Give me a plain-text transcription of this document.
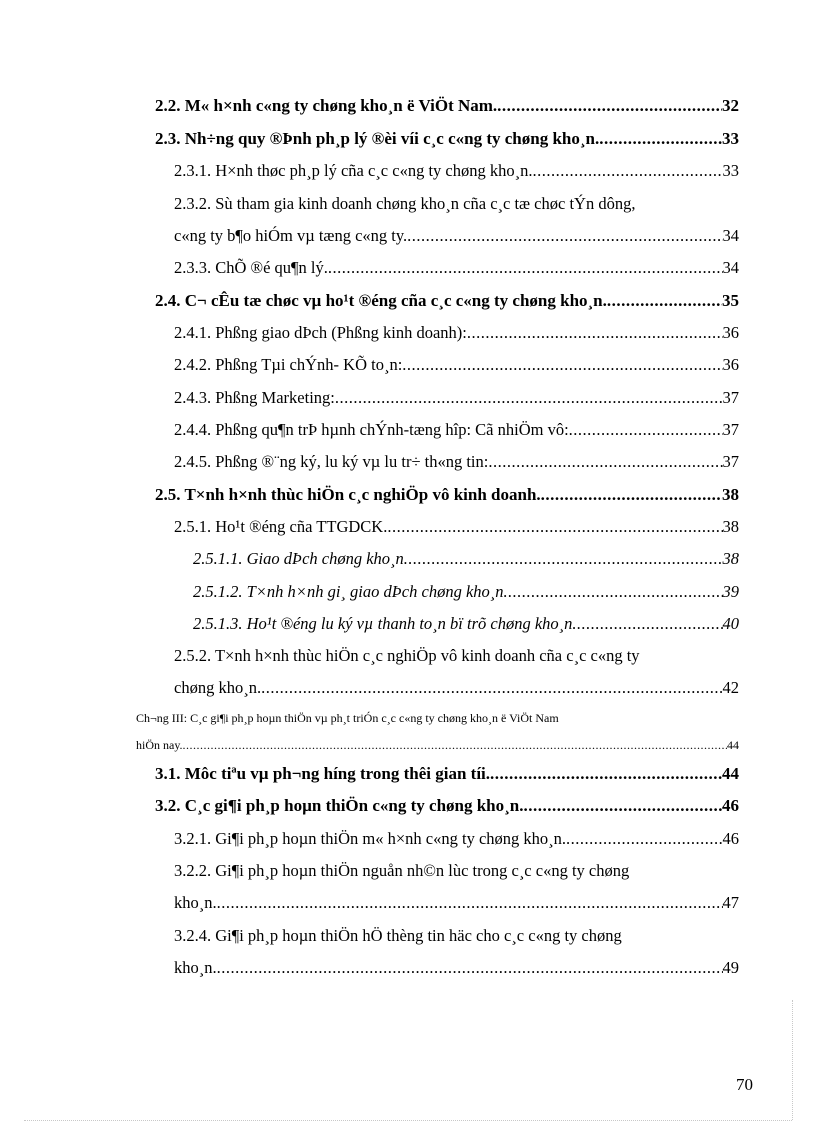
2.2. M« h×nh c«ng ty chøng kho¸n ë ViÖt Nam. .....	32
2.3. Nh÷ng quy ®Þnh ph¸p lý ®èi víi c¸c c«ng ty chøng kho¸n. .....	33
2.3.1. H×nh thøc ph¸p lý cña c¸c c«ng ty chøng kho¸n. .....	33
2.3.2. Sù tham gia kinh doanh chøng kho¸n cña c¸c tæ chøc tÝn dông,
c«ng ty b¶o hiÓm vµ tæng c«ng ty. .....	34
2.3.3. ChÕ ®é qu¶n lý. .....	34
2.4. C¬ cÊu tæ chøc vµ ho¹t ®éng cña c¸c c«ng ty chøng kho¸n. .....	35
2.4.1. Phßng giao dÞch (Phßng kinh doanh): .....	36
2.4.2. Phßng Tµi chÝnh- KÕ to¸n: .....	36
2.4.3. Phßng Marketing: .....	37
2.4.4. Phßng qu¶n trÞ hµnh chÝnh-tæng hîp: Cã nhiÖm vô: .....	37
2.4.5. Phßng ®¨ng ký, lu ký vµ lu tr÷ th«ng tin: .....	37
2.5. T×nh h×nh thùc hiÖn c¸c nghiÖp vô kinh doanh. .....	38
2.5.1. Ho¹t ®éng cña TTGDCK. .....	38
2.5.1.1. Giao dÞch chøng kho¸n .....	38
2.5.1.2. T×nh h×nh gi¸ giao dÞch chøng kho¸n .....	39
2.5.1.3. Ho¹t ®éng lu ký vµ thanh to¸n bï trõ chøng kho¸n .....	40
2.5.2. T×nh h×nh thùc hiÖn c¸c nghiÖp vô kinh doanh cña c¸c c«ng ty
chøng kho¸n. .....	42
Ch¬ng III: C¸c gi¶i ph¸p hoµn thiÖn vµ ph¸t triÓn c¸c c«ng ty chøng kho¸n ë ViÖt Nam
hiÖn nay. .....	44
3.1. Môc tiªu vµ ph¬ng híng trong thêi gian tíi. .....	44
3.2. C¸c gi¶i ph¸p hoµn thiÖn c«ng ty chøng kho¸n. .....	46
3.2.1. Gi¶i ph¸p hoµn thiÖn m« h×nh c«ng ty chøng kho¸n. .....	46
3.2.2. Gi¶i ph¸p hoµn thiÖn nguån nh©n lùc trong c¸c c«ng ty chøng
kho¸n. .....	47
3.2.4. Gi¶i ph¸p hoµn thiÖn hÖ thèng tin häc cho c¸c c«ng ty chøng
kho¸n. .....	49
70
